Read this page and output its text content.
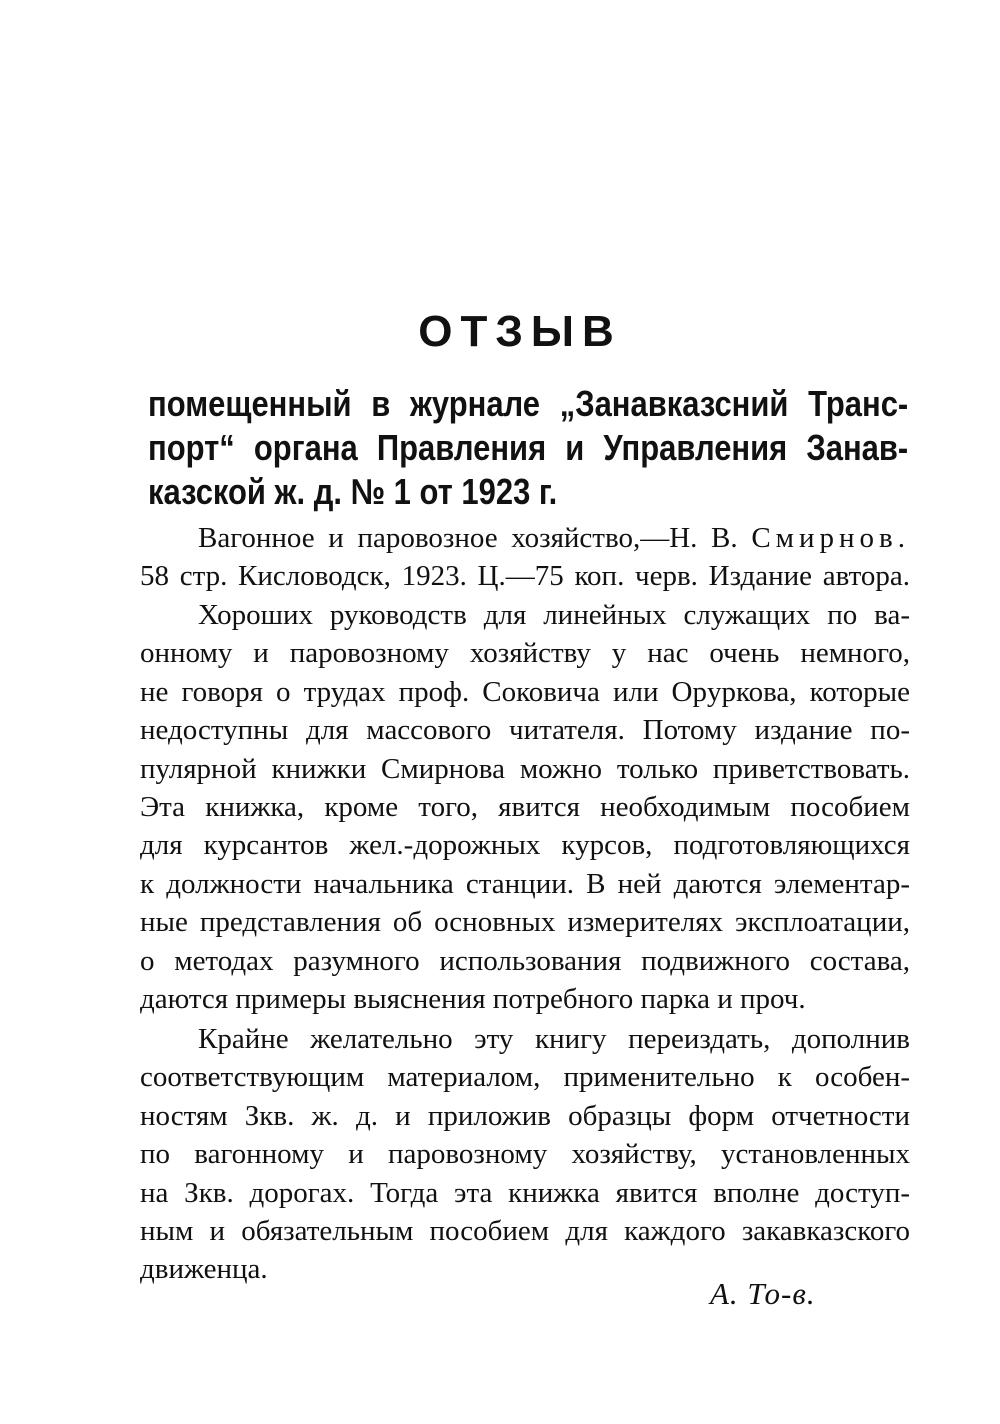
ОТЗЫВ
помещенный в журнале „Занавказсний Транс-
порт“ органа Правления и Управления Занав-
казской ж. д. № 1 от 1923 г.
Вагонное и паровозное хозяйство,—Н. В. Смирнов.
58 стр. Кисловодск, 1923. Ц.—75 коп. черв. Издание автора.
Хороших руководств для линейных служащих по ва-
онному и паровозному хозяйству у нас очень немного,
не говоря о трудах проф. Соковича или Орyркова, которые
недоступны для массового читателя. Потому издание по-
пулярной книжки Смирнова можно только приветствовать.
Эта книжка, кроме того, явится необходимым пособием
для курсантов жел.-дорожных курсов, подготовляющихся
к должности начальника станции. В ней даются элементар-
ные представления об основных измерителях эксплоатации,
о методах разумного использования подвижного состава,
даются примеры выяснения потребного парка и проч.
Крайне желательно эту книгу переиздать, дополнив
соответствующим материалом, применительно к особен-
ностям Зкв. ж. д. и приложив образцы форм отчетности
по вагонному и паровозному хозяйству, установленных
на Зкв. дорогах. Тогда эта книжка явится вполне доступ-
ным и обязательным пособием для каждого закавказского
движенца.

А. То-в.
